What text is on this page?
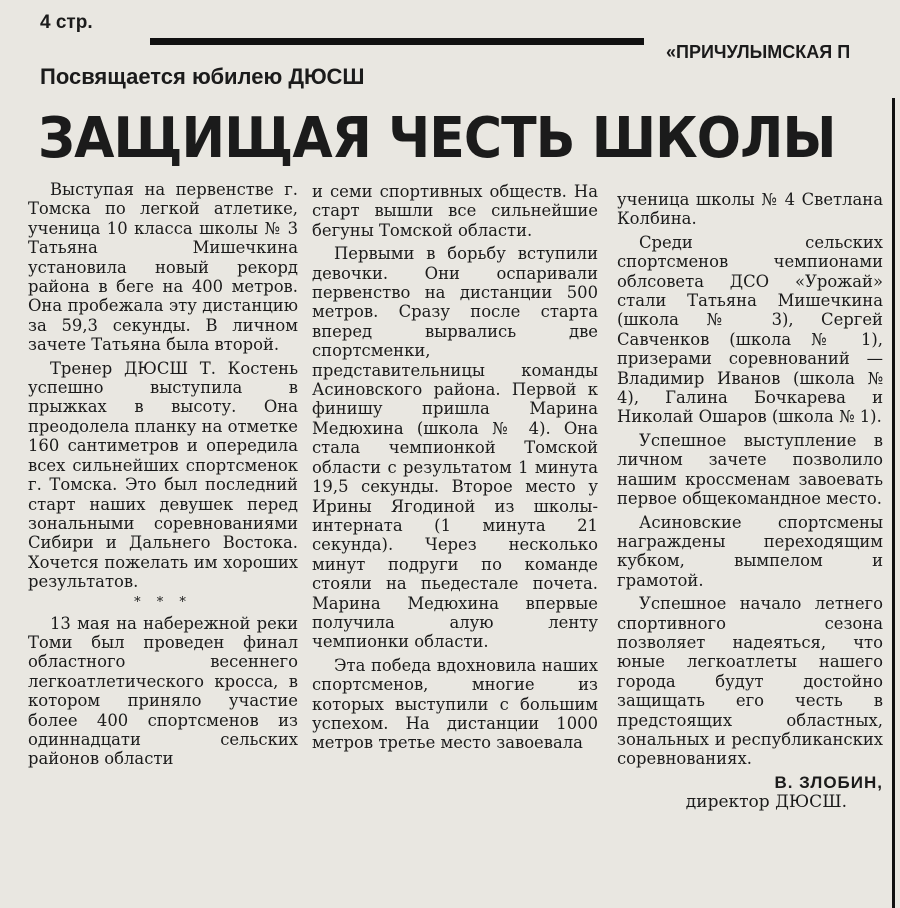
4 стр.
«ПРИЧУЛЫМСКАЯ П
Посвящается юбилею ДЮСШ
ЗАЩИЩАЯ ЧЕСТЬ ШКОЛЫ

Выступая на первенстве г. Томска по легкой атлетике, ученица 10 класса школы № 3 Татьяна Мишечкина установила новый рекорд района в беге на 400 метров. Она пробежала эту дистанцию за 59,3 секунды. В личном зачете Татьяна была второй.

Тренер ДЮСШ Т. Костень успешно выступила в прыжках в высоту. Она преодолела планку на отметке 160 сантиметров и опередила всех сильнейших спортсменок г. Томска. Это был последний старт наших девушек перед зональными соревнованиями Сибири и Дальнего Востока. Хочется пожелать им хороших результатов.

* * *

13 мая на набережной реки Томи был проведен финал областного весеннего легкоатлетического кросса, в котором приняло участие более 400 спортсменов из одиннадцати сельских районов области

и семи спортивных обществ. На старт вышли все сильнейшие бегуны Томской области.

Первыми в борьбу вступили девочки. Они оспаривали первенство на дистанции 500 метров. Сразу после старта вперед вырвались две спортсменки, представительницы команды Асиновского района. Первой к финишу пришла Марина Медюхина (школа № 4). Она стала чемпионкой Томской области с результатом 1 минута 19,5 секунды. Второе место у Ирины Ягодиной из школы-интерната (1 минута 21 секунда). Через несколько минут подруги по команде стояли на пьедестале почета. Марина Медюхина впервые получила алую ленту чемпионки области.

Эта победа вдохновила наших спортсменов, многие из которых выступили с большим успехом. На дистанции 1000 метров третье место завоевала

ученица школы № 4 Светлана Колбина.

Среди сельских спортсменов чемпионами облсовета ДСО «Урожай» стали Татьяна Мишечкина (школа № 3), Сергей Савченков (школа № 1), призерами соревнований — Владимир Иванов (школа № 4), Галина Бочкарева и Николай Ошаров (школа № 1).

Успешное выступление в личном зачете позволило нашим кроссменам завоевать первое общекомандное место.

Асиновские спортсмены награждены переходящим кубком, вымпелом и грамотой.

Успешное начало летнего спортивного сезона позволяет надеяться, что юные легкоатлеты нашего города будут достойно защищать его честь в предстоящих областных, зональных и республиканских соревнованиях.

В. ЗЛОБИН,
директор ДЮСШ.
